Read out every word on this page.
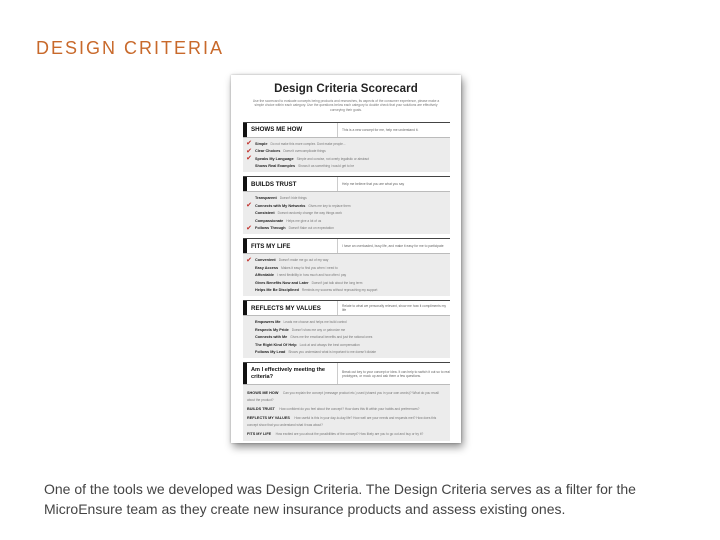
DESIGN CRITERIA
Design Criteria Scorecard
Use the scorecard to evaluate concepts being products and researches, its aspects of the consumer experience, please make a simple choice within each category. Use the questions below each category to double check that your solutions are effectively conveying their goals.
SHOWS ME HOW	This is a new concept for me, help me understand it.
✔ Simple Do not make this more complex. Dont make people...
✔ Clear Choices Doesn't overcomplicate things
✔ Speaks My Language Simple and concise, not overly legalistic or abstract
Shows Real Examples Shows it as something i would get to be
BUILDS TRUST	Help me believe that you are what you say
Transparent Doesn't hide things
✔ Connects with My Networks Gives me key to replace them
Consistent Doesnt randomly change the way things work
Compassionate Helps me give a lot of us
✔ Follows Through Doesn't flake out on expectation
FITS MY LIFE	I have an overloaded, busy life, and make it easy for me to participate
✔ Convenient Doesn't make me go out of my way
Easy Access Makes it easy to find you when i need to
Affordable I need flexibility in how much and how often i pay
Gives Benefits Now and Later Doesn't just talk about the long term
Helps Me Be Disciplined Reminds my success without reproaching my support
REFLECTS MY VALUES	Relate to what we personally relevant, show me how it compliments my life
Empowers Me Leads me choose and helps me build control
Respects My Pride Doesn't show me any or patronize me
Connects with Me Gives me the emotional benefits and just the rational ones
The Right Kind Of Help Look at and always the best compensation
Follows My Lead Shows you understand what is important to me doesn't dictate
Am I effectively meeting the criteria?
Break out key to your concept or idea. It can help to switch it out so to real prototypes, or mock up and ask them a few questions.
SHOWS ME HOW Can you explain the concept (message product etc.) used (shared you in your own words)? What do you recall about the product?
BUILDS TRUST How confident do you feel about the concept? How does this fit within your habits and preferences?
REFLECTS MY VALUES How useful is this in your day-to-day life? How well are your needs and requests met? How does this concept show that you understand what it was about?
FITS MY LIFE How excited are you about the possibilities of the concept? How likely are you to go out and buy or try it?
One of the tools we developed was Design Criteria. The Design Criteria serves as a filter for the MicroEnsure team as they create new insurance products and assess existing ones.
